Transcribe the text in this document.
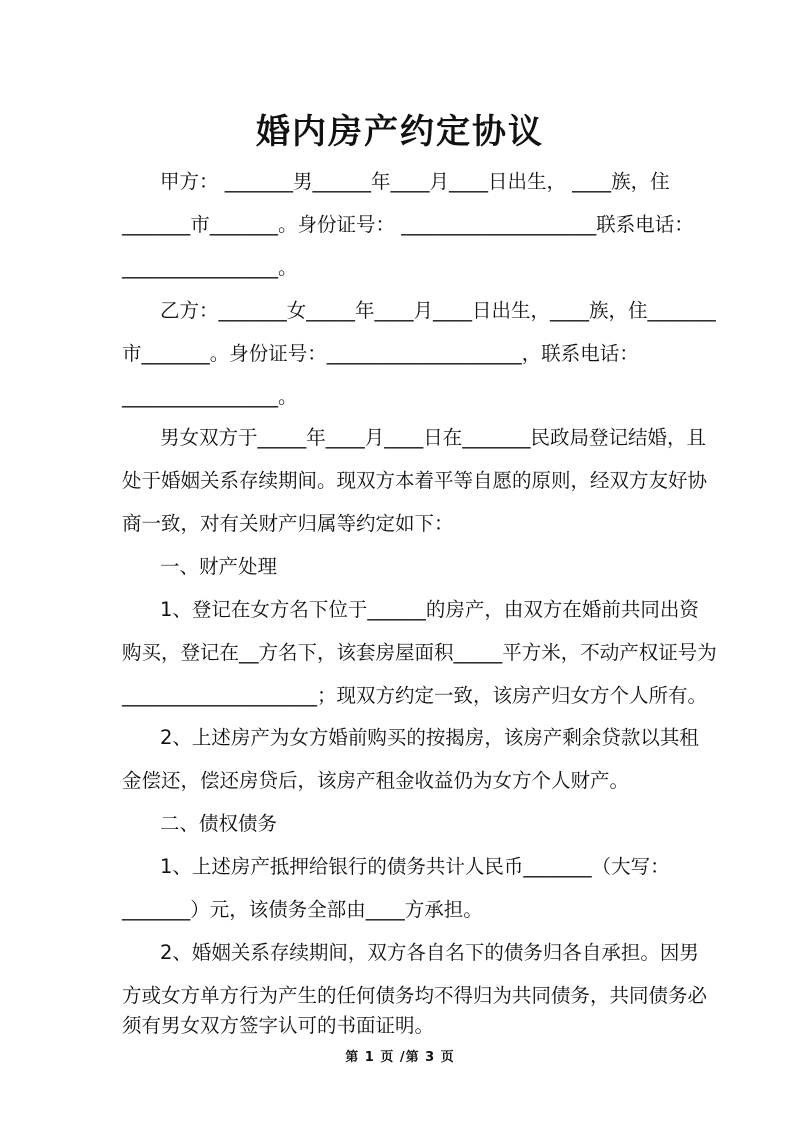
婚内房产约定协议
甲方： _______男______年____月____日出生， ____族，住
_______市_______。身份证号： ____________________联系电话：
________________。
乙方：_______女_____年____月____日出生，____族，住_______
市_______。身份证号：____________________，联系电话：
________________。
男女双方于_____年____月____日在_______民政局登记结婚，且
处于婚姻关系存续期间。现双方本着平等自愿的原则，经双方友好协
商一致，对有关财产归属等约定如下：
一、财产处理
1、登记在女方名下位于______的房产，由双方在婚前共同出资
购买，登记在__方名下，该套房屋面积_____平方米，不动产权证号为
____________________；现双方约定一致，该房产归女方个人所有。
2、上述房产为女方婚前购买的按揭房，该房产剩余贷款以其租
金偿还，偿还房贷后，该房产租金收益仍为女方个人财产。
二、债权债务
1、上述房产抵押给银行的债务共计人民币_______（大写：
_______）元，该债务全部由____方承担。
2、婚姻关系存续期间，双方各自名下的债务归各自承担。因男
方或女方单方行为产生的任何债务均不得归为共同债务，共同债务必
须有男女双方签字认可的书面证明。
第 1 页 /第 3 页
